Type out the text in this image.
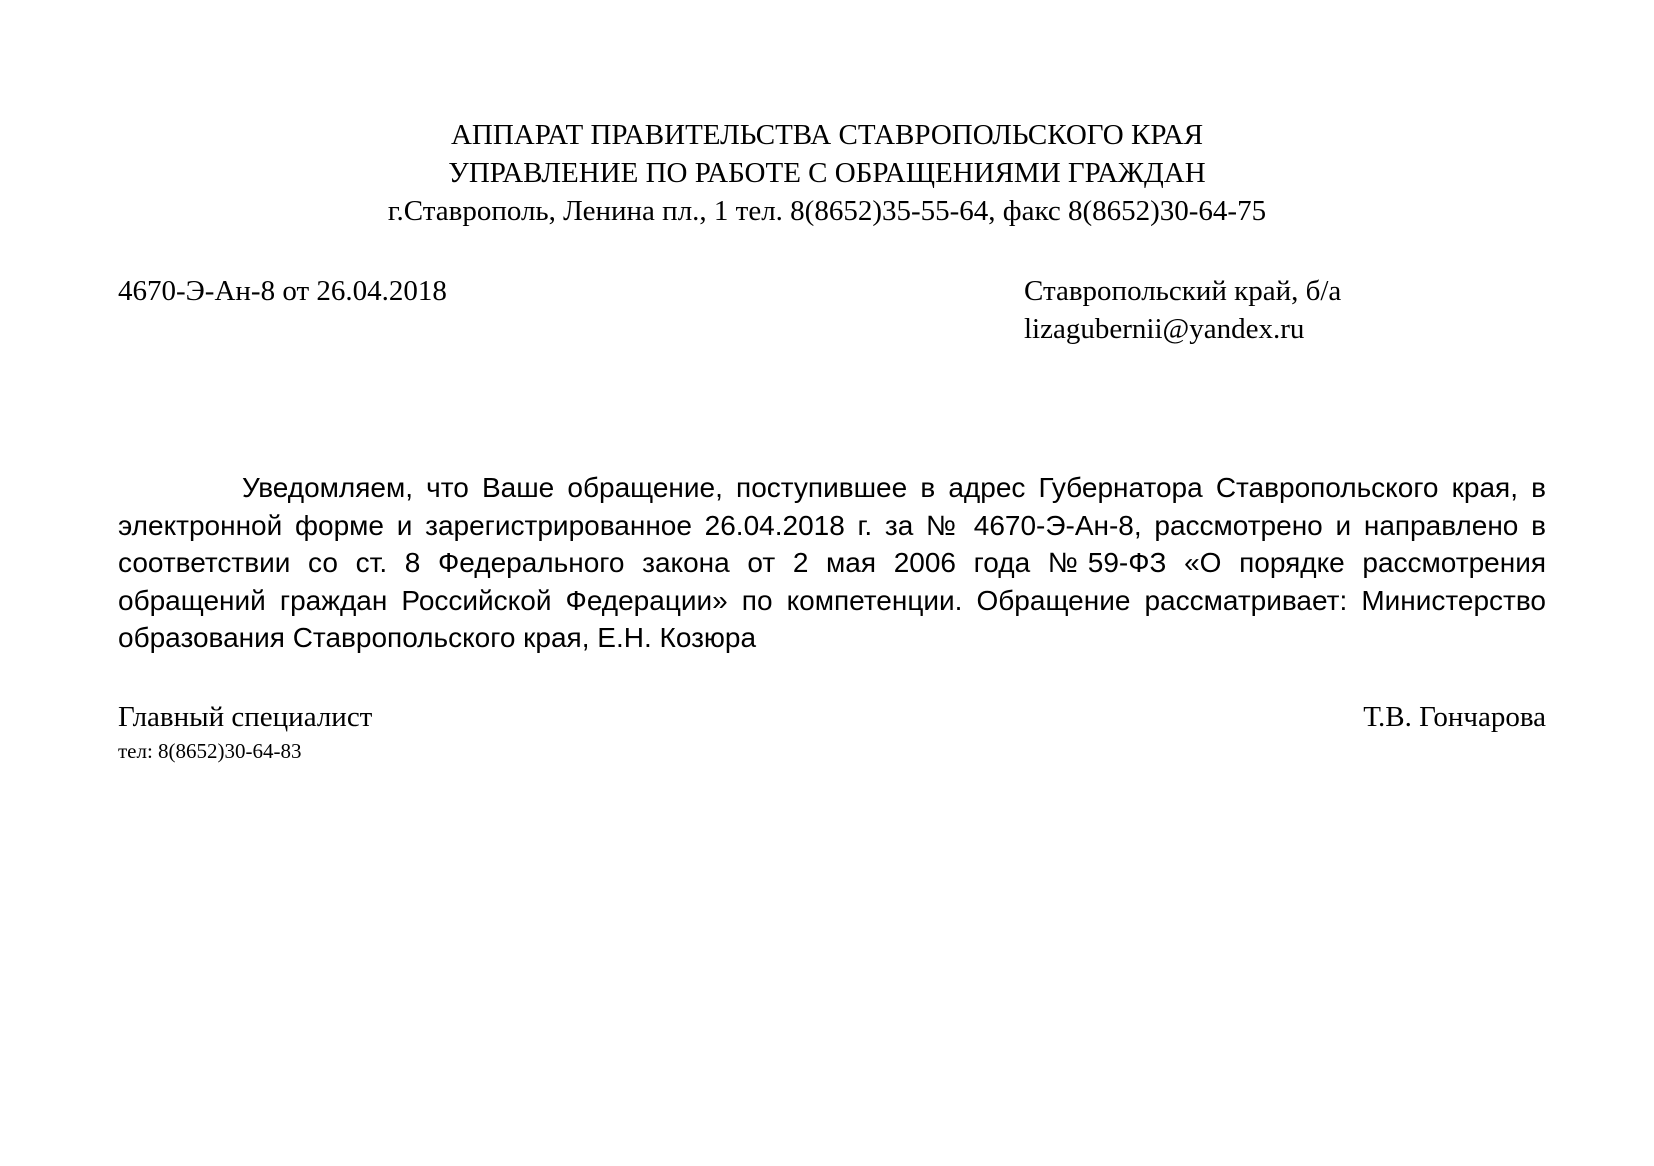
АППАРАТ ПРАВИТЕЛЬСТВА СТАВРОПОЛЬСКОГО КРАЯ
УПРАВЛЕНИЕ ПО РАБОТЕ С ОБРАЩЕНИЯМИ ГРАЖДАН
г.Ставрополь, Ленина пл., 1 тел. 8(8652)35-55-64, факс 8(8652)30-64-75
4670-Э-Ан-8 от 26.04.2018	Ставропольский край, б/а
lizagubernii@yandex.ru
Уведомляем, что Ваше обращение, поступившее в адрес Губернатора Ставропольского края, в электронной форме и зарегистрированное 26.04.2018 г. за № 4670-Э-Ан-8, рассмотрено и направлено в соответствии со ст. 8 Федерального закона от 2 мая 2006 года №59-ФЗ «О порядке рассмотрения обращений граждан Российской Федерации» по компетенции. Обращение рассматривает: Министерство образования Ставропольского края, Е.Н. Козюра
Главный специалист
тел: 8(8652)30-64-83
Т.В. Гончарова
